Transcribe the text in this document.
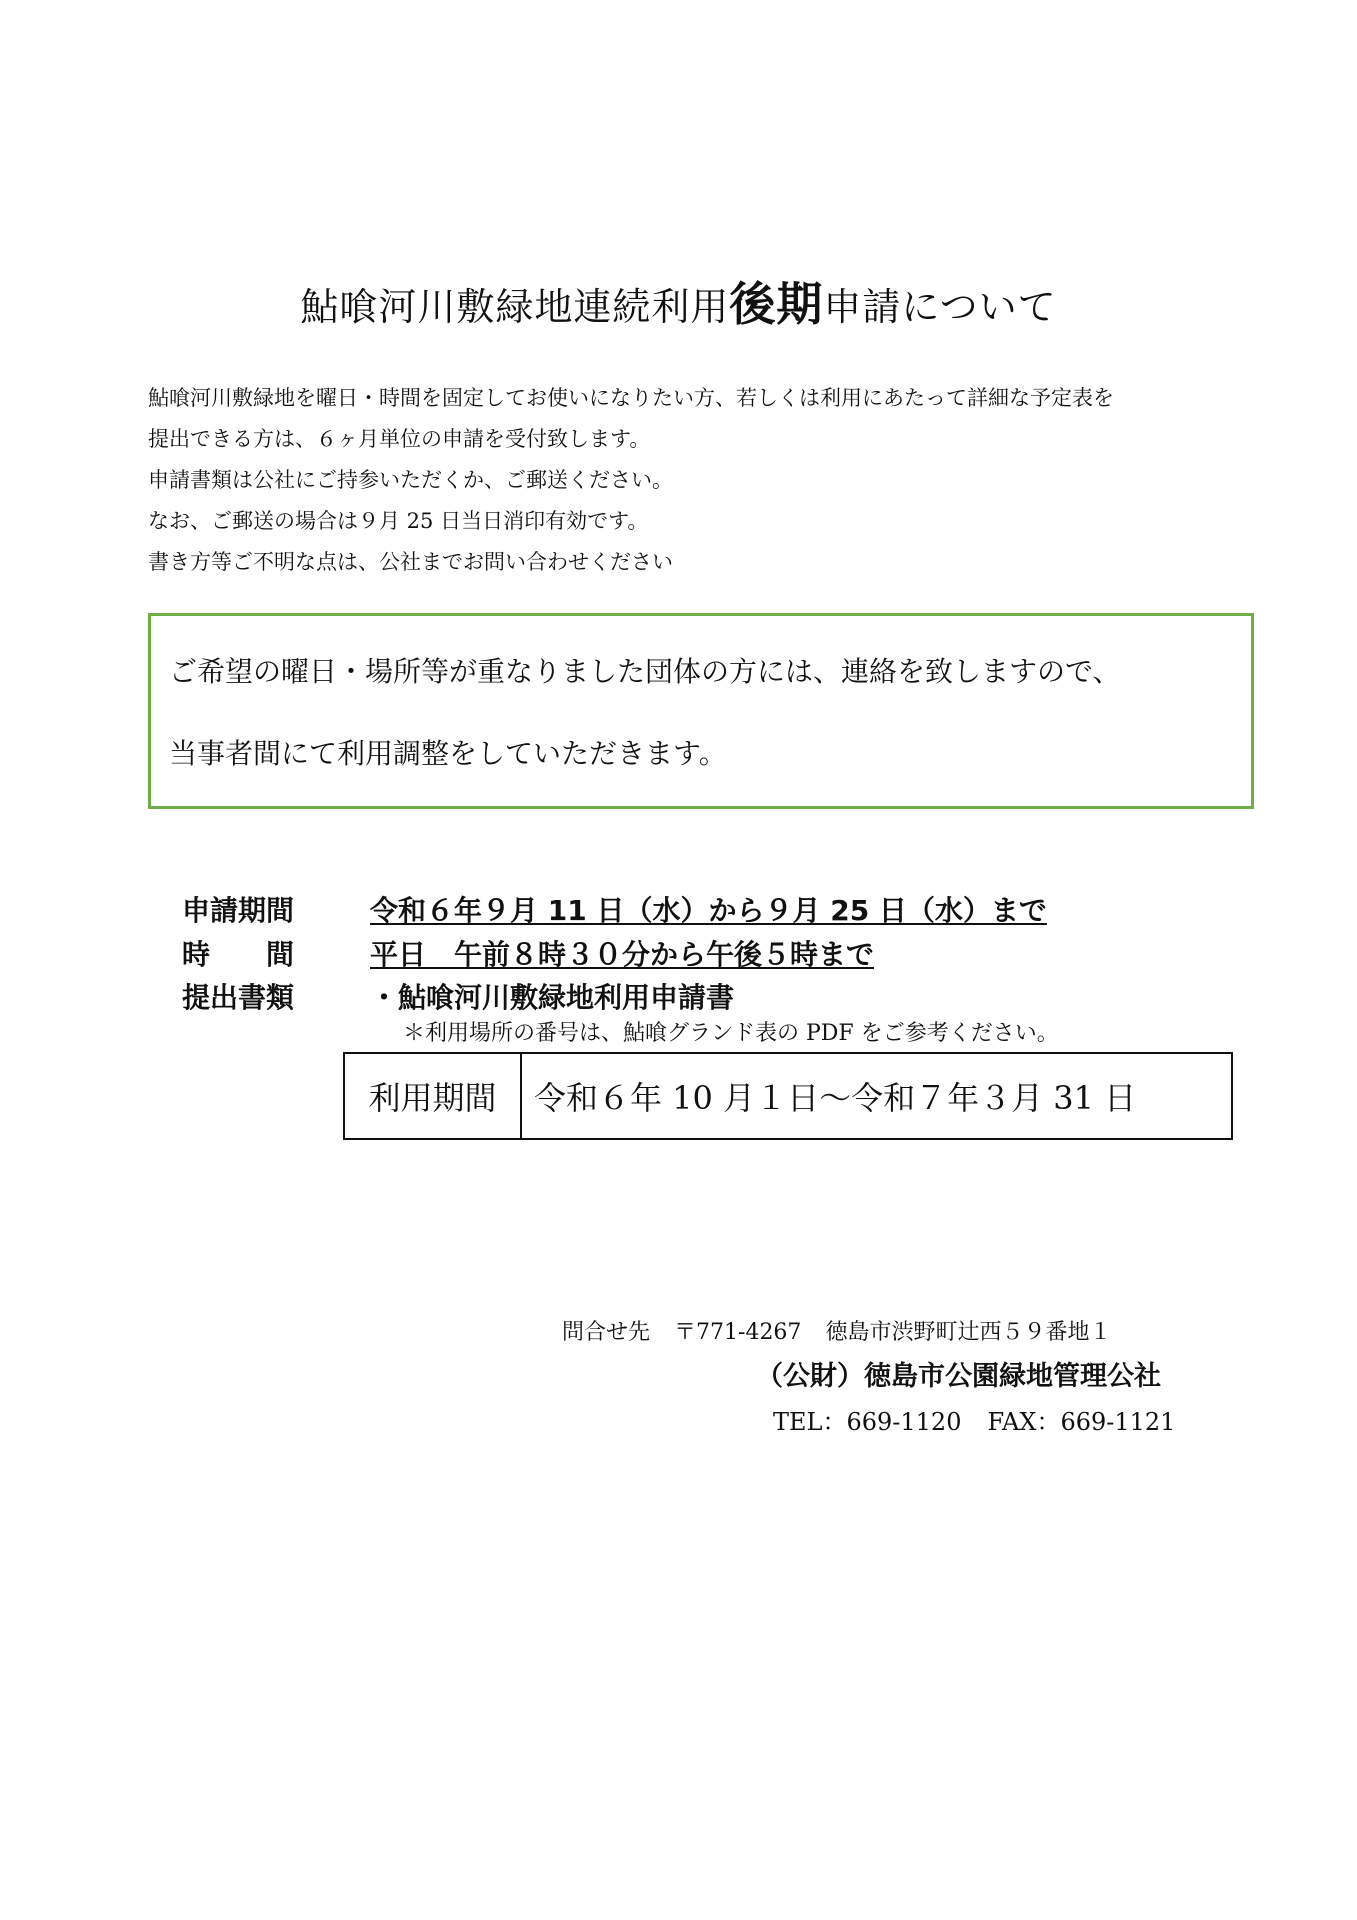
鮎喰河川敷緑地連続利用後期申請について

鮎喰河川敷緑地を曜日・時間を固定してお使いになりたい方、若しくは利用にあたって詳細な予定表を

提出できる方は、６ヶ月単位の申請を受付致します。

申請書類は公社にご持参いただくか、ご郵送ください。

なお、ご郵送の場合は９月 25 日当日消印有効です。

書き方等ご不明な点は、公社までお問い合わせください

ご希望の曜日・場所等が重なりました団体の方には、連絡を致しますので、

当事者間にて利用調整をしていただきます。

申請期間	令和６年９月 11 日（水）から９月 25 日（水）まで
時　　間	平日　午前８時３０分から午後５時まで
提出書類	・鮎喰河川敷緑地利用申請書
＊利用場所の番号は、鮎喰グランド表の PDF をご参考ください。
利用期間	令和６年 10 月１日～令和７年３月 31 日
問合せ先 〒771-4267 徳島市渋野町辻西５９番地１
（公財）徳島市公園緑地管理公社
TEL：669-1120 FAX：669-1121
